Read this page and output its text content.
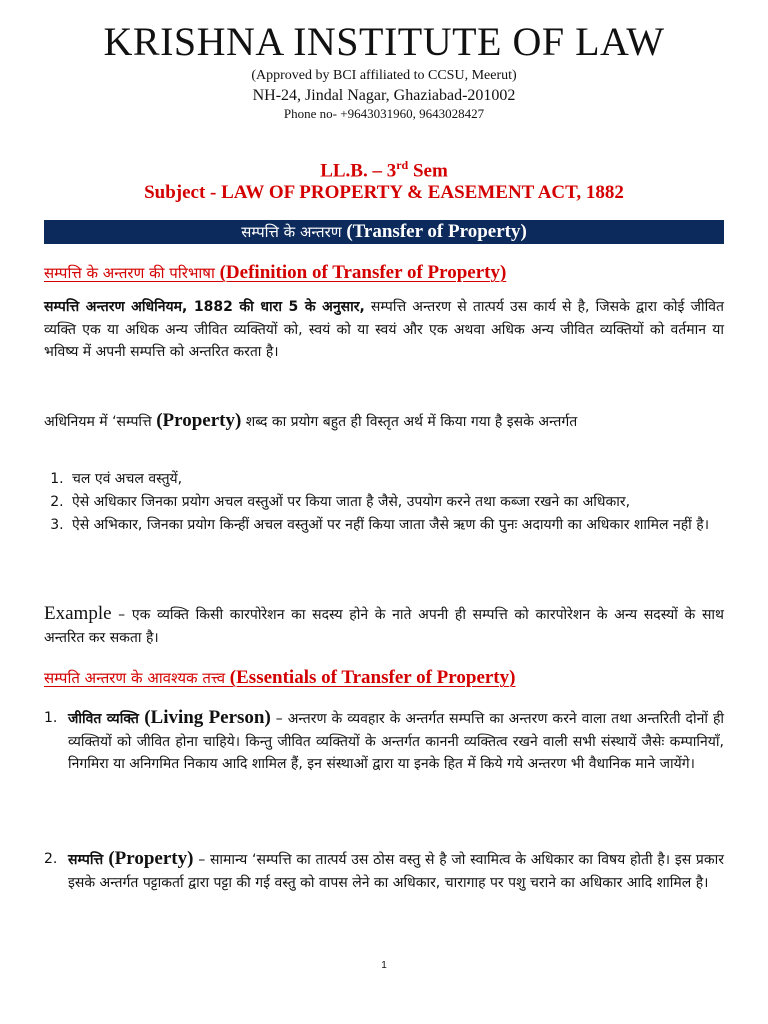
KRISHNA INSTITUTE OF LAW
(Approved by BCI affiliated to CCSU, Meerut)
NH-24, Jindal Nagar, Ghaziabad-201002
Phone no- +9643031960, 9643028427
LL.B. – 3rd Sem
Subject - LAW OF PROPERTY & EASEMENT ACT, 1882
सम्पत्ति के अन्तरण (Transfer of Property)
सम्पत्ति के अन्तरण की परिभाषा (Definition of Transfer of Property)
सम्पत्ति अन्तरण अधिनियम, 1882 की धारा 5 के अनुसार, सम्पत्ति अन्तरण से तात्पर्य उस कार्य से है, जिसके द्वारा कोई जीवित व्यक्ति एक या अधिक अन्य जीवित व्यक्तियों को, स्वयं को या स्वयं और एक अथवा अधिक अन्य जीवित व्यक्तियों को वर्तमान या भविष्य में अपनी सम्पत्ति को अन्तरित करता है।
अधिनियम में ‘सम्पत्ति (Property) शब्द का प्रयोग बहुत ही विस्तृत अर्थ में किया गया है इसके अन्तर्गत
1. चल एवं अचल वस्तुयें,
2. ऐसे अधिकार जिनका प्रयोग अचल वस्तुओं पर किया जाता है जैसे, उपयोग करने तथा कब्जा रखने का अधिकार,
3. ऐसे अभिकार, जिनका प्रयोग किन्हीं अचल वस्तुओं पर नहीं किया जाता जैसे ऋण की पुनः अदायगी का अधिकार शामिल नहीं है।
Example – एक व्यक्ति किसी कारपोरेशन का सदस्य होने के नाते अपनी ही सम्पत्ति को कारपोरेशन के अन्य सदस्यों के साथ अन्तरित कर सकता है।
सम्पति अन्तरण के आवश्यक तत्त्व (Essentials of Transfer of Property)
1. जीवित व्यक्ति (Living Person) – अन्तरण के व्यवहार के अन्तर्गत सम्पत्ति का अन्तरण करने वाला तथा अन्तरिती दोनों ही व्यक्तियों को जीवित होना चाहिये। किन्तु जीवित व्यक्तियों के अन्तर्गत काननी व्यक्तित्व रखने वाली सभी संस्थायें जैसेः कम्पानियाँ, निगमिरा या अनिगमित निकाय आदि शामिल हैं, इन संस्थाओं द्वारा या इनके हित में किये गये अन्तरण भी वैधानिक माने जायेंगे।
2. सम्पत्ति (Property) – सामान्य ‘सम्पत्ति का तात्पर्य उस ठोस वस्तु से है जो स्वामित्व के अधिकार का विषय होती है। इस प्रकार इसके अन्तर्गत पट्टाकर्ता द्वारा पट्टा की गई वस्तु को वापस लेने का अधिकार, चारागाह पर पशु चराने का अधिकार आदि शामिल है।
1
